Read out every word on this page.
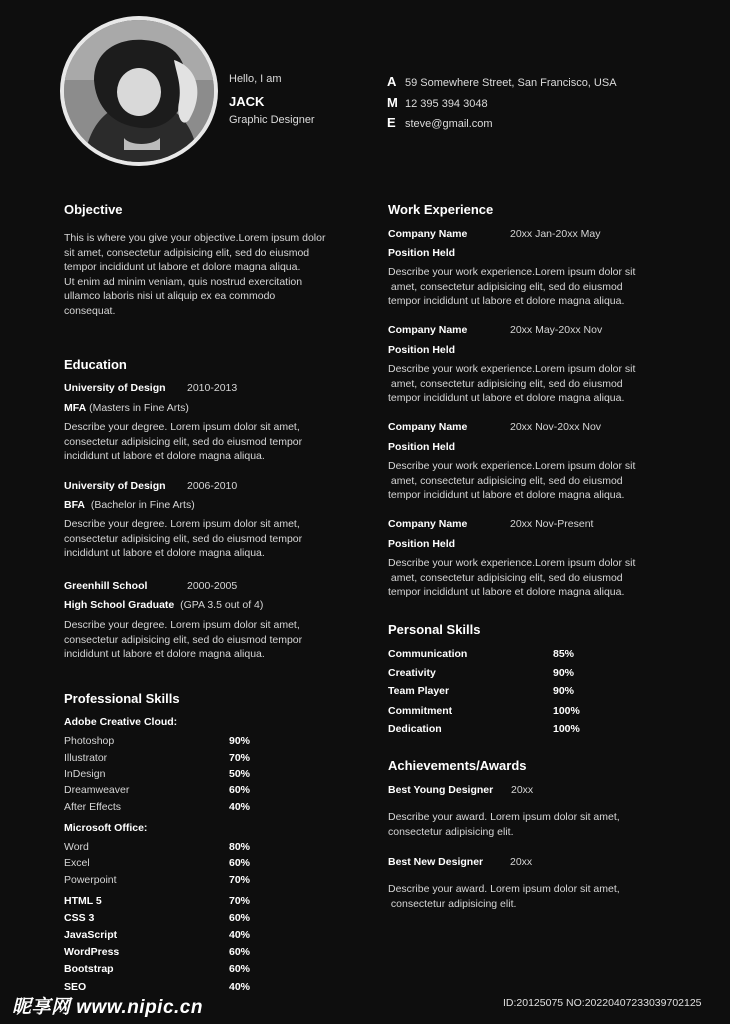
Hello, I am
JACK
Graphic Designer
A 59 Somewhere Street, San Francisco, USA
M 12 395 394 3048
E steve@gmail.com
Objective
This is where you give your objective.Lorem ipsum dolor
sit amet, consectetur adipisicing elit, sed do eiusmod
tempor incididunt ut labore et dolore magna aliqua.
Ut enim ad minim veniam, quis nostrud exercitation
ullamco laboris nisi ut aliquip ex ea commodo
consequat.
Education
University of Design 2010-2013
MFA (Masters in Fine Arts)
Describe your degree. Lorem ipsum dolor sit amet,
consectetur adipisicing elit, sed do eiusmod tempor
incididunt ut labore et dolore magna aliqua.
University of Design 2006-2010
BFA (Bachelor in Fine Arts)
Describe your degree. Lorem ipsum dolor sit amet,
consectetur adipisicing elit, sed do eiusmod tempor
incididunt ut labore et dolore magna aliqua.
Greenhill School	2000-2005
High School Graduate (GPA 3.5 out of 4)
Describe your degree. Lorem ipsum dolor sit amet,
consectetur adipisicing elit, sed do eiusmod tempor
incididunt ut labore et dolore magna aliqua.
Professional Skills
Adobe Creative Cloud:
Photoshop	90%
Illustrator	70%
InDesign	50%
Dreamweaver	60%
After Effects	40%
Microsoft Office:
Word	80%
Excel	60%
Powerpoint	70%
HTML 5	70%
CSS 3	60%
JavaScript	40%
WordPress	60%
Bootstrap	60%
SEO	40%
Work Experience
Company Name	20xx Jan-20xx May
Position Held
Describe your work experience.Lorem ipsum dolor sit
amet, consectetur adipisicing elit, sed do eiusmod
tempor incididunt ut labore et dolore magna aliqua.
Company Name	20xx May-20xx Nov
Position Held
Describe your work experience.Lorem ipsum dolor sit
amet, consectetur adipisicing elit, sed do eiusmod
tempor incididunt ut labore et dolore magna aliqua.
Company Name	20xx Nov-20xx Nov
Position Held
Describe your work experience.Lorem ipsum dolor sit
amet, consectetur adipisicing elit, sed do eiusmod
tempor incididunt ut labore et dolore magna aliqua.
Company Name	20xx Nov-Present
Position Held
Describe your work experience.Lorem ipsum dolor sit
amet, consectetur adipisicing elit, sed do eiusmod
tempor incididunt ut labore et dolore magna aliqua.
Personal Skills
Communication	85%
Creativity	90%
Team Player	90%
Commitment	100%
Dedication	100%
Achievements/Awards
Best Young Designer 20xx
Describe your award. Lorem ipsum dolor sit amet,
consectetur adipisicing elit.
Best New Designer	20xx
Describe your award. Lorem ipsum dolor sit amet,
consectetur adipisicing elit.
昵享网 www.nipic.cn	ID:20125075 NO:20220407233039702125
